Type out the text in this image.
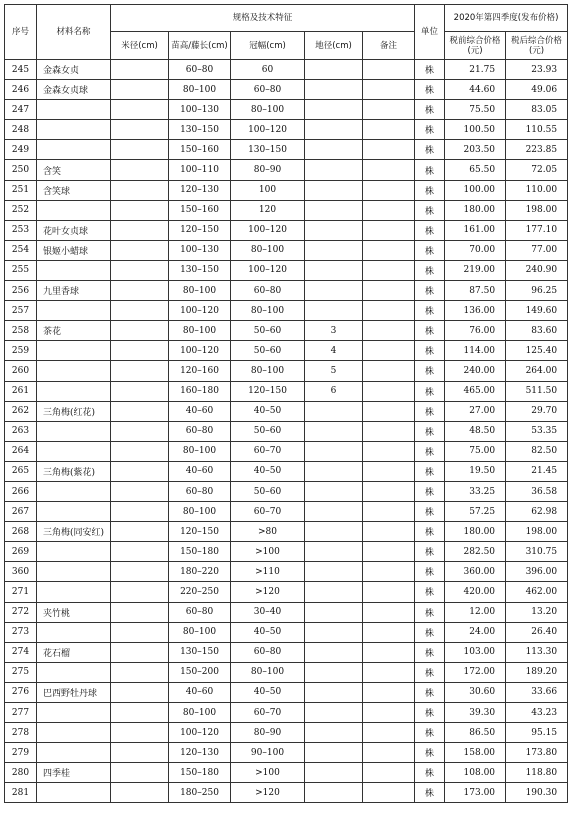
序号	材料名称	规格及技术特征					单位	2020年第四季度(发布价格)	
		米径(cm)	苗高/藤长(cm)	冠幅(cm)	地径(cm)	备注		税前综合价格(元)	税后综合价格(元)
245	金森女贞		60–80	60			株	21.75	23.93
246	金森女贞球		80–100	60–80			株	44.60	49.06
247			100–130	80–100			株	75.50	83.05
248			130–150	100–120			株	100.50	110.55
249			150–160	130–150			株	203.50	223.85
250	含笑		100–110	80–90			株	65.50	72.05
251	含笑球		120–130	100			株	100.00	110.00
252			150–160	120			株	180.00	198.00
253	花叶女贞球		120–150	100–120			株	161.00	177.10
254	银姬小蜡球		100–130	80–100			株	70.00	77.00
255			130–150	100–120			株	219.00	240.90
256	九里香球		80–100	60–80			株	87.50	96.25
257			100–120	80–100			株	136.00	149.60
258	茶花		80–100	50–60	3		株	76.00	83.60
259			100–120	50–60	4		株	114.00	125.40
260			120–160	80–100	5		株	240.00	264.00
261			160–180	120–150	6		株	465.00	511.50
262	三角梅(红花)		40–60	40–50			株	27.00	29.70
263			60–80	50–60			株	48.50	53.35
264			80–100	60–70			株	75.00	82.50
265	三角梅(紫花)		40–60	40–50			株	19.50	21.45
266			60–80	50–60			株	33.25	36.58
267			80–100	60–70			株	57.25	62.98
268	三角梅(同安红)		120–150	>80			株	180.00	198.00
269			150–180	>100			株	282.50	310.75
360			180–220	>110			株	360.00	396.00
271			220–250	>120			株	420.00	462.00
272	夹竹桃		60–80	30–40			株	12.00	13.20
273			80–100	40–50			株	24.00	26.40
274	花石榴		130–150	60–80			株	103.00	113.30
275			150–200	80–100			株	172.00	189.20
276	巴西野牡丹球		40–60	40–50			株	30.60	33.66
277			80–100	60–70			株	39.30	43.23
278			100–120	80–90			株	86.50	95.15
279			120–130	90–100			株	158.00	173.80
280	四季桂		150–180	>100			株	108.00	118.80
281			180–250	>120			株	173.00	190.30
